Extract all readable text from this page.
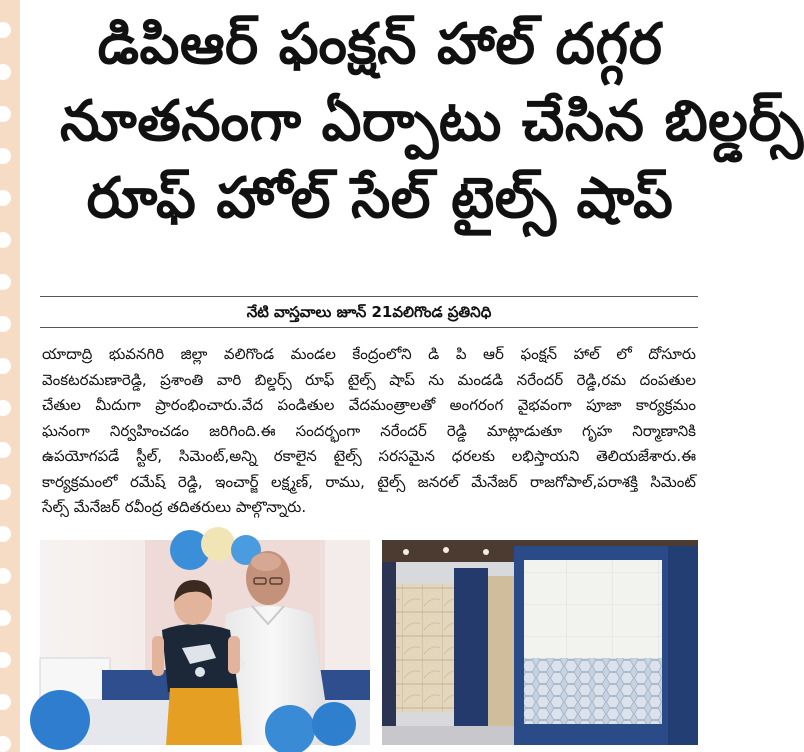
డిపిఆర్ ఫంక్షన్ హాల్ దగ్గర
నూతనంగా ఏర్పాటు చేసిన బిల్డర్స్
రూఫ్ హోల్ సేల్ టైల్స్ షాప్
నేటి వాస్తవాలు జూన్ 21వలిగొండ ప్రతినిధి
యాదాద్రి భువనగిరి జిల్లా వలిగొండ మండల కేంద్రంలోని డి పి ఆర్ ఫంక్షన్ హాల్ లో దోసూరు
వెంకటరమణారెడ్డి, ప్రశాంతి వారి బిల్డర్స్ రూఫ్ టైల్స్ షాప్ ను మండడి నరేందర్ రెడ్డి,రమ దంపతుల
చేతుల మీదుగా ప్రారంభించారు.వేద పండితుల వేదమంత్రాలతో అంగరంగ వైభవంగా పూజా కార్యక్రమం
ఘనంగా నిర్వహించడం జరిగింది.ఈ సందర్భంగా నరేందర్ రెడ్డి మాట్లాడుతూ గృహ నిర్మాణానికి
ఉపయోగపడే స్టీల్, సిమెంట్,అన్ని రకాలైన టైల్స్ సరసమైన ధరలకు లభిస్తాయని తెలియజేశారు.ఈ
కార్యక్రమంలో రమేష్ రెడ్డి, ఇంచార్జ్ లక్ష్మణ్, రాము, టైల్స్ జనరల్ మేనేజర్ రాజగోపాల్,పరాశక్తి సిమెంట్
సేల్స్ మేనేజర్ రవీంద్ర తదితరులు పాల్గొన్నారు.
